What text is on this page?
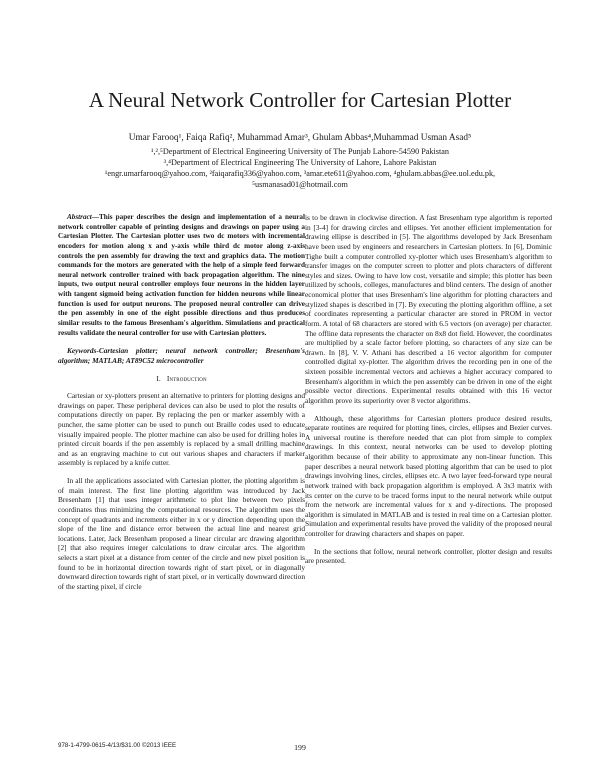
A Neural Network Controller for Cartesian Plotter
Umar Farooq¹, Faiqa Rafiq², Muhammad Amar³, Ghulam Abbas⁴,Muhammad Usman Asad⁵
¹,²,⁵Department of Electrical Engineering University of The Punjab Lahore-54590 Pakistan
³,⁴Department of Electrical Engineering The University of Lahore, Lahore Pakistan
¹engr.umarfarooq@yahoo.com, ²faiqarafiq336@yahoo.com, ³amar.ete611@yahoo.com, ⁴ghulam.abbas@ee.uol.edu.pk,
⁵usmanasad01@hotmail.com

Abstract—This paper describes the design and implementation of a neural network controller capable of printing designs and drawings on paper using a Cartesian Plotter. The Cartesian plotter uses two dc motors with incremental encoders for motion along x and y-axis while third dc motor along z-axis controls the pen assembly for drawing the text and graphics data. The motion commands for the motors are generated with the help of a simple feed forward neural network controller trained with back propagation algorithm. The nine inputs, two output neural controller employs four neurons in the hidden layer with tangent sigmoid being activation function for hidden neurons while linear function is used for output neurons. The proposed neural controller can drive the pen assembly in one of the eight possible directions and thus produces similar results to the famous Bresenham's algorithm. Simulations and practical results validate the neural controller for use with Cartesian plotters.

Keywords-Cartesian plotter; neural network controller; Bresenham's algorithm; MATLAB; AT89C52 microcontroller

I. Introduction

Cartesian or xy-plotters present an alternative to printers for plotting designs and drawings on paper. These peripheral devices can also be used to plot the results of computations directly on paper. By replacing the pen or marker assembly with a puncher, the same plotter can be used to punch out Braille codes used to educate visually impaired people. The plotter machine can also be used for drilling holes in printed circuit boards if the pen assembly is replaced by a small drilling machine and as an engraving machine to cut out various shapes and characters if marker assembly is replaced by a knife cutter.

In all the applications associated with Cartesian plotter, the plotting algorithm is of main interest. The first line plotting algorithm was introduced by Jack Bresenham [1] that uses integer arithmetic to plot line between two pixels coordinates thus minimizing the computational resources. The algorithm uses the concept of quadrants and increments either in x or y direction depending upon the slope of the line and distance error between the actual line and nearest grid locations. Later, Jack Bresenham proposed a linear circular arc drawing algorithm [2] that also requires integer calculations to draw circular arcs. The algorithm selects a start pixel at a distance from center of the circle and new pixel position is found to be in horizontal direction towards right of start pixel, or in diagonally downward direction towards right of start pixel, or in vertically downward direction of the starting pixel, if circle

is to be drawn in clockwise direction. A fast Bresenham type algorithm is reported in [3-4] for drawing circles and ellipses. Yet another efficient implementation for drawing ellipse is described in [5]. The algorithms developed by Jack Bresenham have been used by engineers and researchers in Cartesian plotters. In [6], Dominic Tighe built a computer controlled xy-plotter which uses Bresenham's algorithm to transfer images on the computer screen to plotter and plots characters of different styles and sizes. Owing to have low cost, versatile and simple; this plotter has been utilized by schools, colleges, manufactures and blind centers. The design of another economical plotter that uses Bresenham's line algorithm for plotting characters and stylized shapes is described in [7]. By executing the plotting algorithm offline, a set of coordinates representing a particular character are stored in PROM in vector form. A total of 68 characters are stored with 6.5 vectors (on average) per character. The offline data represents the character on 8x8 dot field. However, the coordinates are multiplied by a scale factor before plotting, so characters of any size can be drawn. In [8], V. V. Athani has described a 16 vector algorithm for computer controlled digital xy-plotter. The algorithm drives the recording pen in one of the sixteen possible incremental vectors and achieves a higher accuracy compared to Bresenham's algorithm in which the pen assembly can be driven in one of the eight possible vector directions. Experimental results obtained with this 16 vector algorithm prove its superiority over 8 vector algorithms.

Although, these algorithms for Cartesian plotters produce desired results, separate routines are required for plotting lines, circles, ellipses and Bezier curves. A universal routine is therefore needed that can plot from simple to complex drawings. In this context, neural networks can be used to develop plotting algorithm because of their ability to approximate any non-linear function. This paper describes a neural network based plotting algorithm that can be used to plot drawings involving lines, circles, ellipses etc. A two layer feed-forward type neural network trained with back propagation algorithm is employed. A 3x3 matrix with its center on the curve to be traced forms input to the neural network while output from the network are incremental values for x and y-directions. The proposed algorithm is simulated in MATLAB and is tested in real time on a Cartesian plotter. Simulation and experimental results have proved the validity of the proposed neural controller for drawing characters and shapes on paper.

In the sections that follow, neural network controller, plotter design and results are presented.

978-1-4799-0615-4/13/$31.00 ©2013 IEEE	199
